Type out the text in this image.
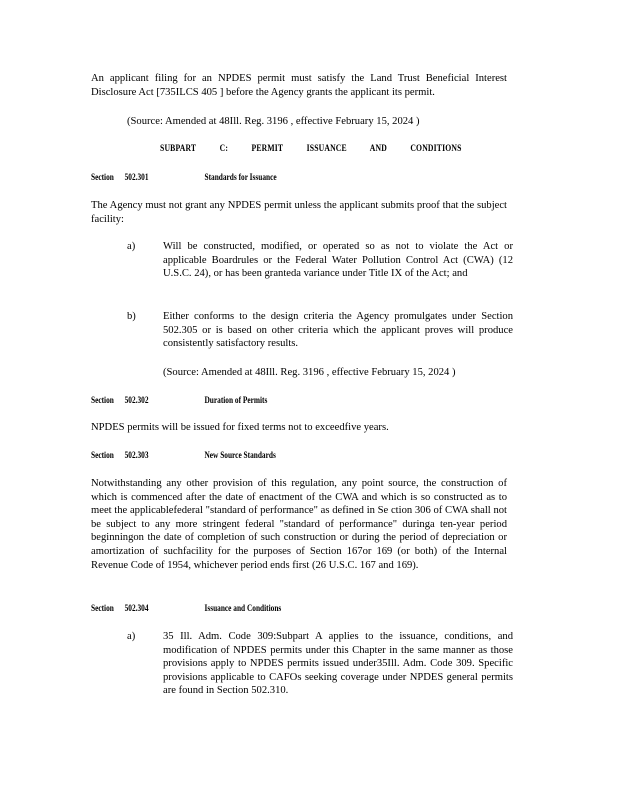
An applicant filing for an NPDES permit must satisfy the Land Trust Beneficial Interest Disclosure Act [735ILCS 405 ] before the Agency grants the applicant its permit.
(Source: Amended at 48Ill. Reg. 3196 , effective February 15, 2024 )
SUBPART C: PERMIT ISSUANCE AND CONDITIONS
Section 502.301	Standards for Issuance
The Agency must not grant any NPDES permit unless the applicant submits proof that the subject facility:
a)	Will be constructed, modified, or operated so as not to violate the Act or applicable Boardrules or the Federal Water Pollution Control Act (CWA) (12 U.S.C. 24), or has been granteda variance under Title IX of the Act; and
b)	Either conforms to the design criteria the Agency promulgates under Section 502.305 or is based on other criteria which the applicant proves will produce consistently satisfactory results.
(Source: Amended at 48Ill. Reg. 3196 , effective February 15, 2024 )
Section 502.302	Duration of Permits
NPDES permits will be issued for fixed terms not to exceedfive years.
Section 502.303	New Source Standards
Notwithstanding any other provision of this regulation, any point source, the construction of which is commenced after the date of enactment of the CWA and which is so constructed as to meet the applicablefederal "standard of performance" as defined in Se ction 306 of CWA shall not be subject to any more stringent federal "standard of performance" duringa ten-year period beginningon the date of completion of such construction or during the period of depreciation or amortization of suchfacility for the purposes of Section 167or 169 (or both) of the Internal Revenue Code of 1954, whichever period ends first (26 U.S.C. 167 and 169).
Section 502.304	Issuance and Conditions
a)	35 Ill. Adm. Code 309:Subpart A applies to the issuance, conditions, and modification of NPDES permits under this Chapter in the same manner as those provisions apply to NPDES permits issued under35Ill. Adm. Code 309. Specific provisions applicable to CAFOs seeking coverage under NPDES general permits are found in Section 502.310.
